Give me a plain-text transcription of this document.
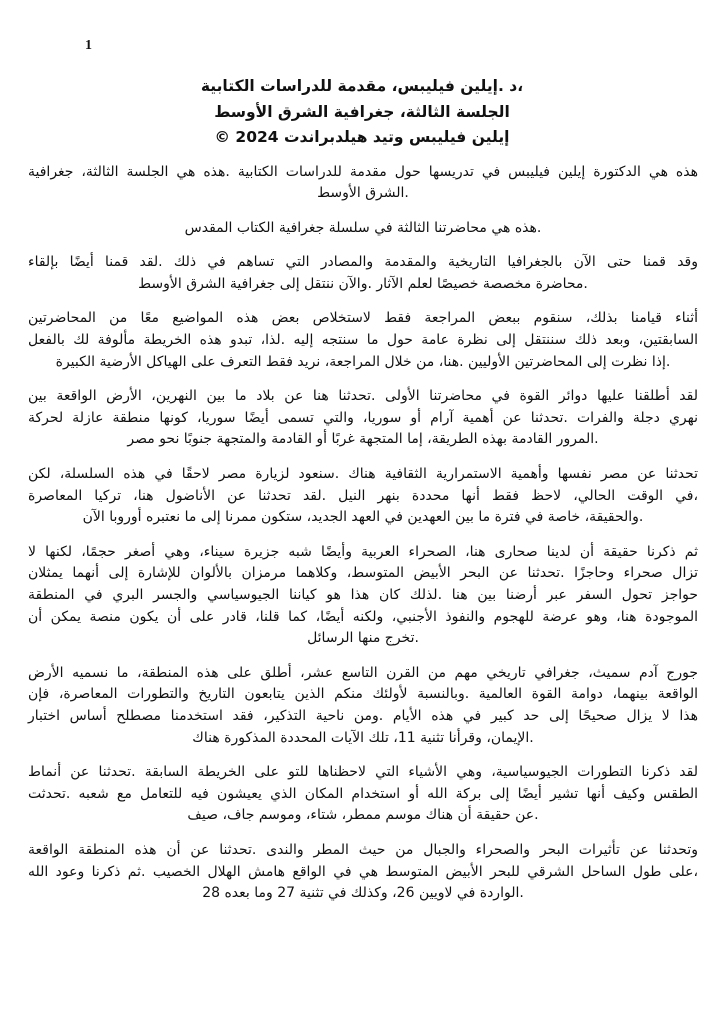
1
،د .إيلين فيليبس، مقدمة للدراسات الكتابية
الجلسة الثالثة، جغرافية الشرق الأوسط
إيلين فيليبس وتيد هيلدبراندت 2024 ©
هذه هي الدكتورة إيلين فيليبس في تدريسها حول مقدمة للدراسات الكتابية .هذه هي الجلسة الثالثة، جغرافية
.الشرق الأوسط
.هذه هي محاضرتنا الثالثة في سلسلة جغرافية الكتاب المقدس
وقد قمنا حتى الآن بالجغرافيا التاريخية والمقدمة والمصادر التي تساهم في ذلك .لقد قمنا أيضًا بإلقاء
.محاضرة مخصصة خصيصًا لعلم الآثار .والآن ننتقل إلى جغرافية الشرق الأوسط
أثناء قيامنا بذلك، سنقوم ببعض المراجعة فقط لاستخلاص بعض هذه المواضيع معًا من المحاضرتين
السابقتين، وبعد ذلك سننتقل إلى نظرة عامة حول ما سنتجه إليه .لذا، تبدو هذه الخريطة مألوفة لك بالفعل
.إذا نظرت إلى المحاضرتين الأوليين .هنا، من خلال المراجعة، نريد فقط التعرف على الهياكل الأرضية الكبيرة
لقد أطلقنا عليها دوائر القوة في محاضرتنا الأولى .تحدثنا هنا عن بلاد ما بين النهرين، الأرض الواقعة بين
نهري دجلة والفرات .تحدثنا عن أهمية آرام أو سوريا، والتي تسمى أيضًا سوريا، كونها منطقة عازلة لحركة
.المرور القادمة بهذه الطريقة، إما المتجهة غربًا أو القادمة والمتجهة جنوبًا نحو مصر
تحدثنا عن مصر نفسها وأهمية الاستمرارية الثقافية هناك .سنعود لزيارة مصر لاحقًا في هذه السلسلة، لكن
،في الوقت الحالي، لاحظ فقط أنها محددة بنهر النيل .لقد تحدثنا عن الأناضول هنا، تركيا المعاصرة
.والحقيقة، خاصة في فترة ما بين العهدين في العهد الجديد، ستكون ممرنا إلى ما نعتبره أوروبا الآن
ثم ذكرنا حقيقة أن لدينا صحارى هنا، الصحراء العربية وأيضًا شبه جزيرة سيناء، وهي أصغر حجمًا، لكنها لا
تزال صحراء وحاجزًا .تحدثنا عن البحر الأبيض المتوسط، وكلاهما مرمزان بالألوان للإشارة إلى أنهما يمثلان
حواجز تحول السفر عبر أرضنا بين هنا .لذلك كان هذا هو كياننا الجيوسياسي والجسر البري في المنطقة
الموجودة هنا، وهو عرضة للهجوم والنفوذ الأجنبي، ولكنه أيضًا، كما قلنا، قادر على أن يكون منصة يمكن أن
.تخرج منها الرسائل
جورج آدم سميث، جغرافي تاريخي مهم من القرن التاسع عشر، أطلق على هذه المنطقة، ما نسميه الأرض
الواقعة بينهما، دوامة القوة العالمية .وبالنسبة لأولئك منكم الذين يتابعون التاريخ والتطورات المعاصرة، فإن
هذا لا يزال صحيحًا إلى حد كبير في هذه الأيام .ومن ناحية التذكير، فقد استخدمنا مصطلح أساس اختبار
.الإيمان، وقرأنا تثنية 11، تلك الآيات المحددة المذكورة هناك
لقد ذكرنا التطورات الجيوسياسية، وهي الأشياء التي لاحظناها للتو على الخريطة السابقة .تحدثنا عن أنماط
الطقس وكيف أنها تشير أيضًا إلى بركة الله أو استخدام المكان الذي يعيشون فيه للتعامل مع شعبه .تحدثت
.عن حقيقة أن هناك موسم ممطر، شتاء، وموسم جاف، صيف
وتحدثنا عن تأثيرات البحر والصحراء والجبال من حيث المطر والندى .تحدثنا عن أن هذه المنطقة الواقعة
،على طول الساحل الشرقي للبحر الأبيض المتوسط هي في الواقع هامش الهلال الخصيب .ثم ذكرنا وعود الله
.الواردة في لاويين 26، وكذلك في تثنية 27 وما بعده 28
